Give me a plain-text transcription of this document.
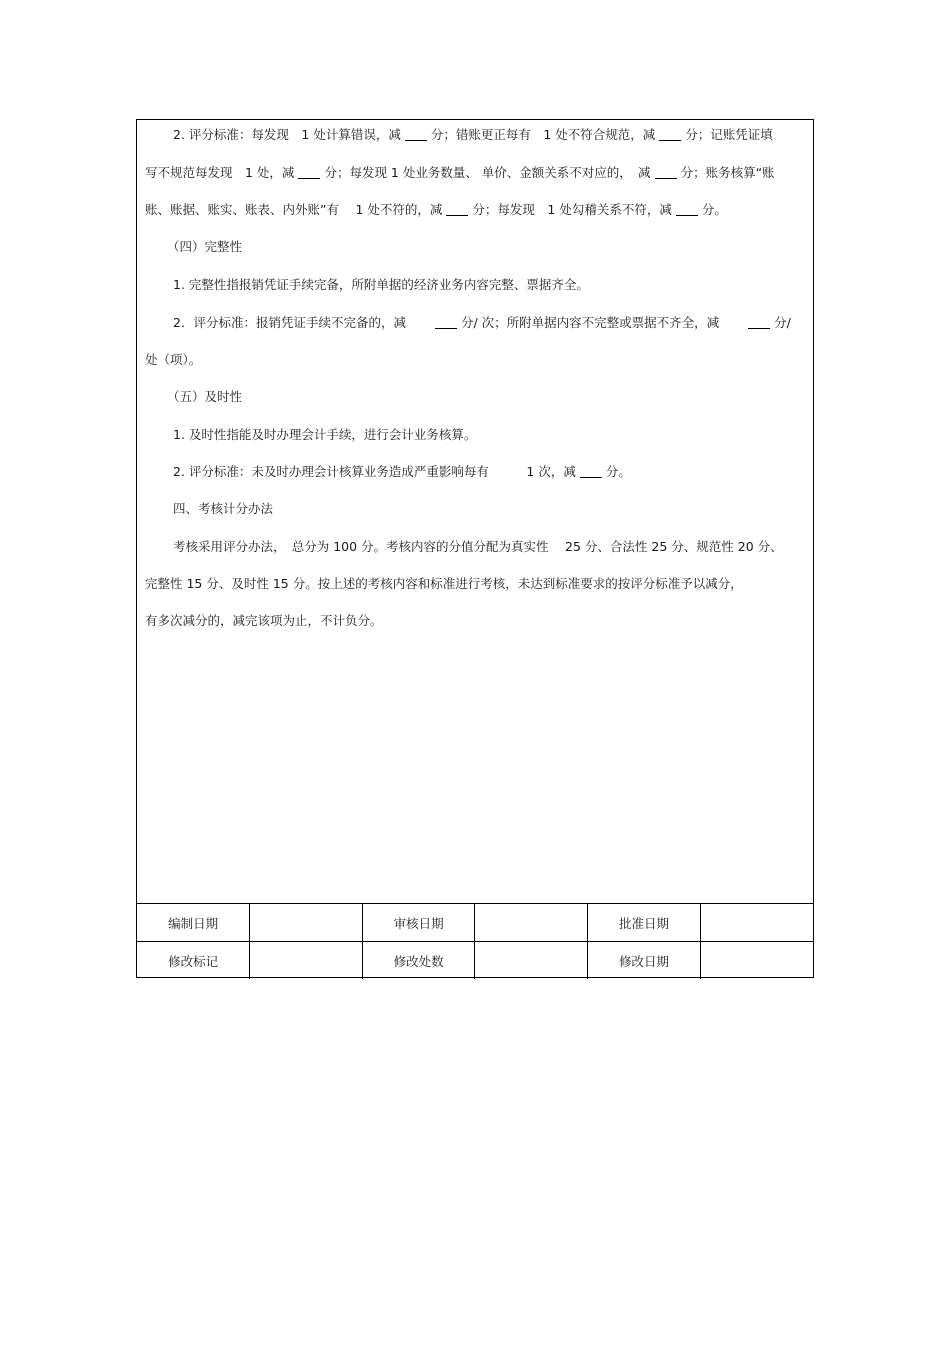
2. 评分标准：每发现　1 处计算错误，减 分；错账更正每有　1 处不符合规范，减 分；记账凭证填
写不规范每发现　1 处，减 分；每发现 1 处业务数量、 单价、金额关系不对应的，　减 分；账务核算“账
账、账据、账实、账表、内外账”有　 1 处不符的，减 分；每发现　1 处勾稽关系不符，减 分。
（四）完整性
1. 完整性指报销凭证手续完备，所附单据的经济业务内容完整、票据齐全。
2．评分标准：报销凭证手续不完备的，减　　分/ 次；所附单据内容不完整或票据不齐全，减　　分/
处（项）。
（五）及时性
1. 及时性指能及时办理会计手续，进行会计业务核算。
2. 评分标准：未及时办理会计核算业务造成严重影响每有　　　1 次，减 分。
四、考核计分办法
考核采用评分办法，　总分为 100 分。考核内容的分值分配为真实性　 25 分、合法性 25 分、规范性 20 分、
完整性 15 分、及时性 15 分。按上述的考核内容和标准进行考核，未达到标准要求的按评分标准予以减分，
有多次减分的，减完该项为止，不计负分。
编制日期		审核日期		批准日期	
修改标记		修改处数		修改日期	
